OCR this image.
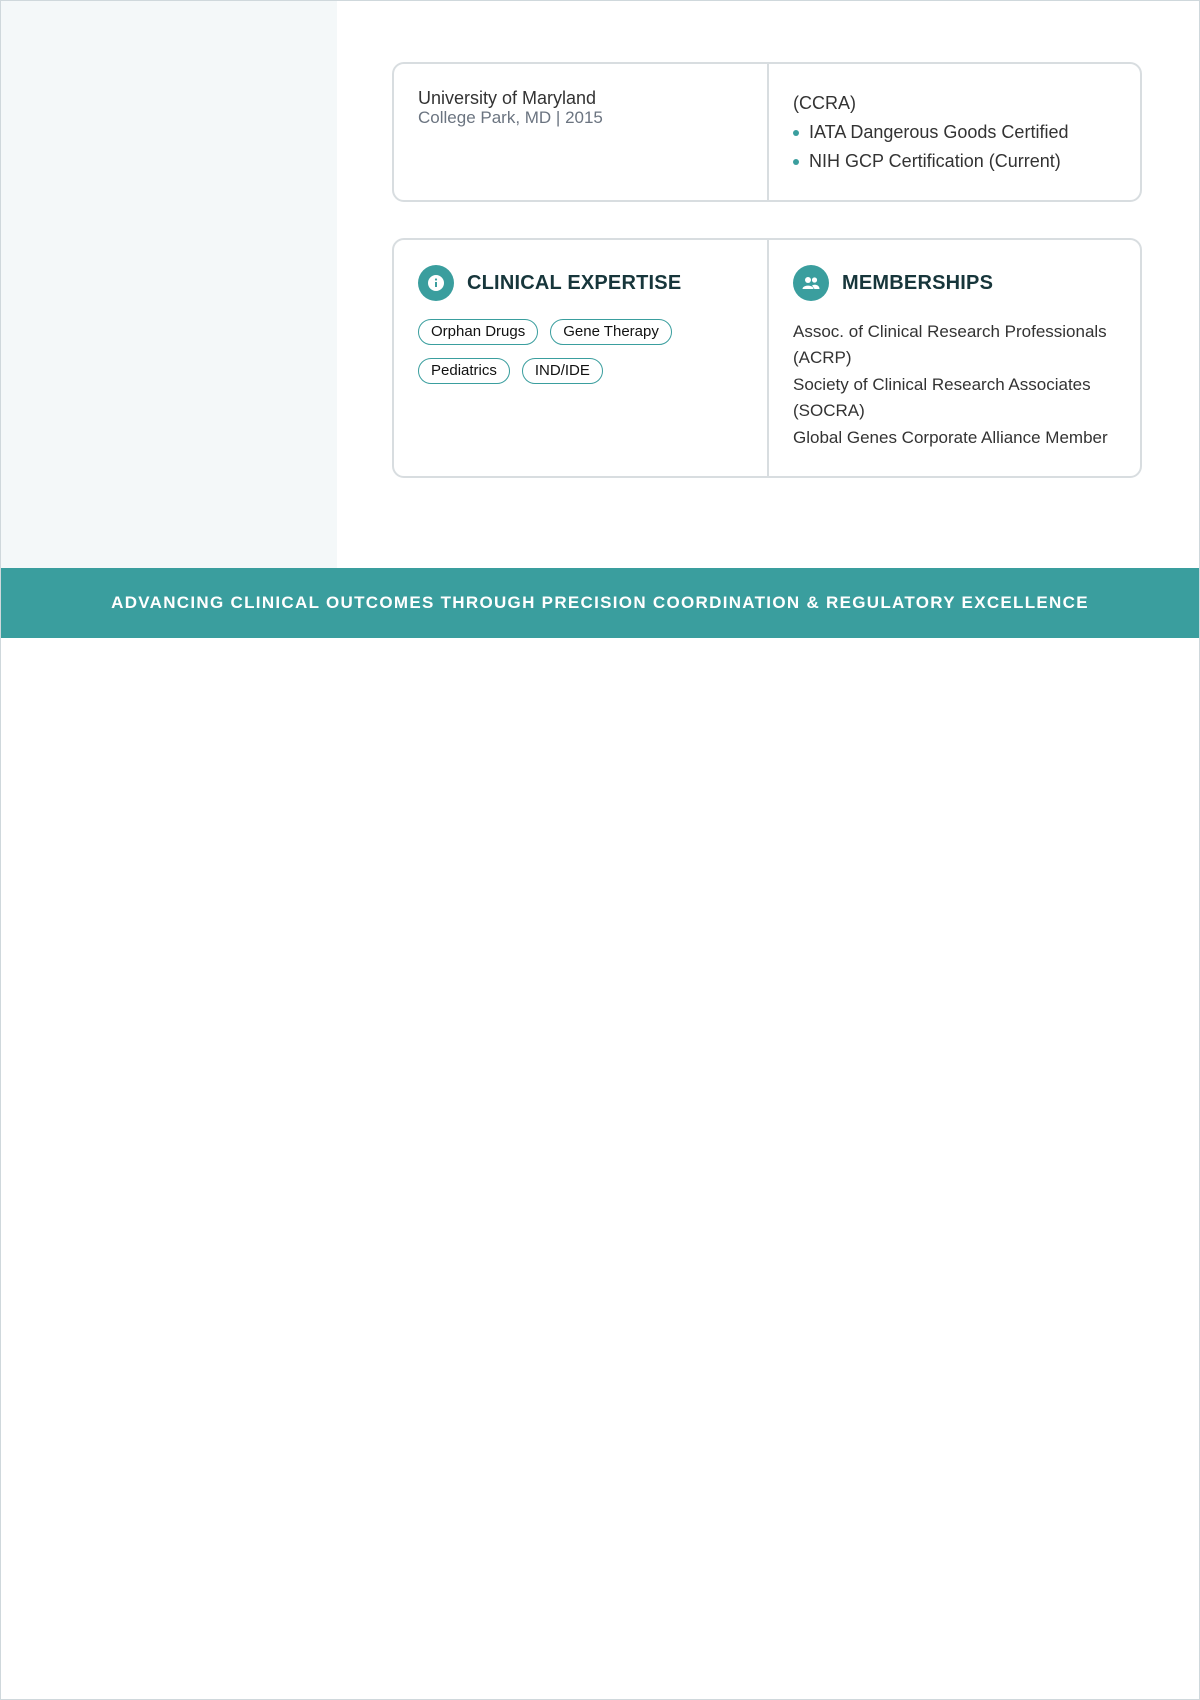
University of Maryland
College Park, MD | 2015
(CCRA)
IATA Dangerous Goods Certified
NIH GCP Certification (Current)
CLINICAL EXPERTISE
Orphan Drugs	Gene Therapy
Pediatrics	IND/IDE
MEMBERSHIPS
Assoc. of Clinical Research Professionals (ACRP)
Society of Clinical Research Associates (SOCRA)
Global Genes Corporate Alliance Member
ADVANCING CLINICAL OUTCOMES THROUGH PRECISION COORDINATION & REGULATORY EXCELLENCE
